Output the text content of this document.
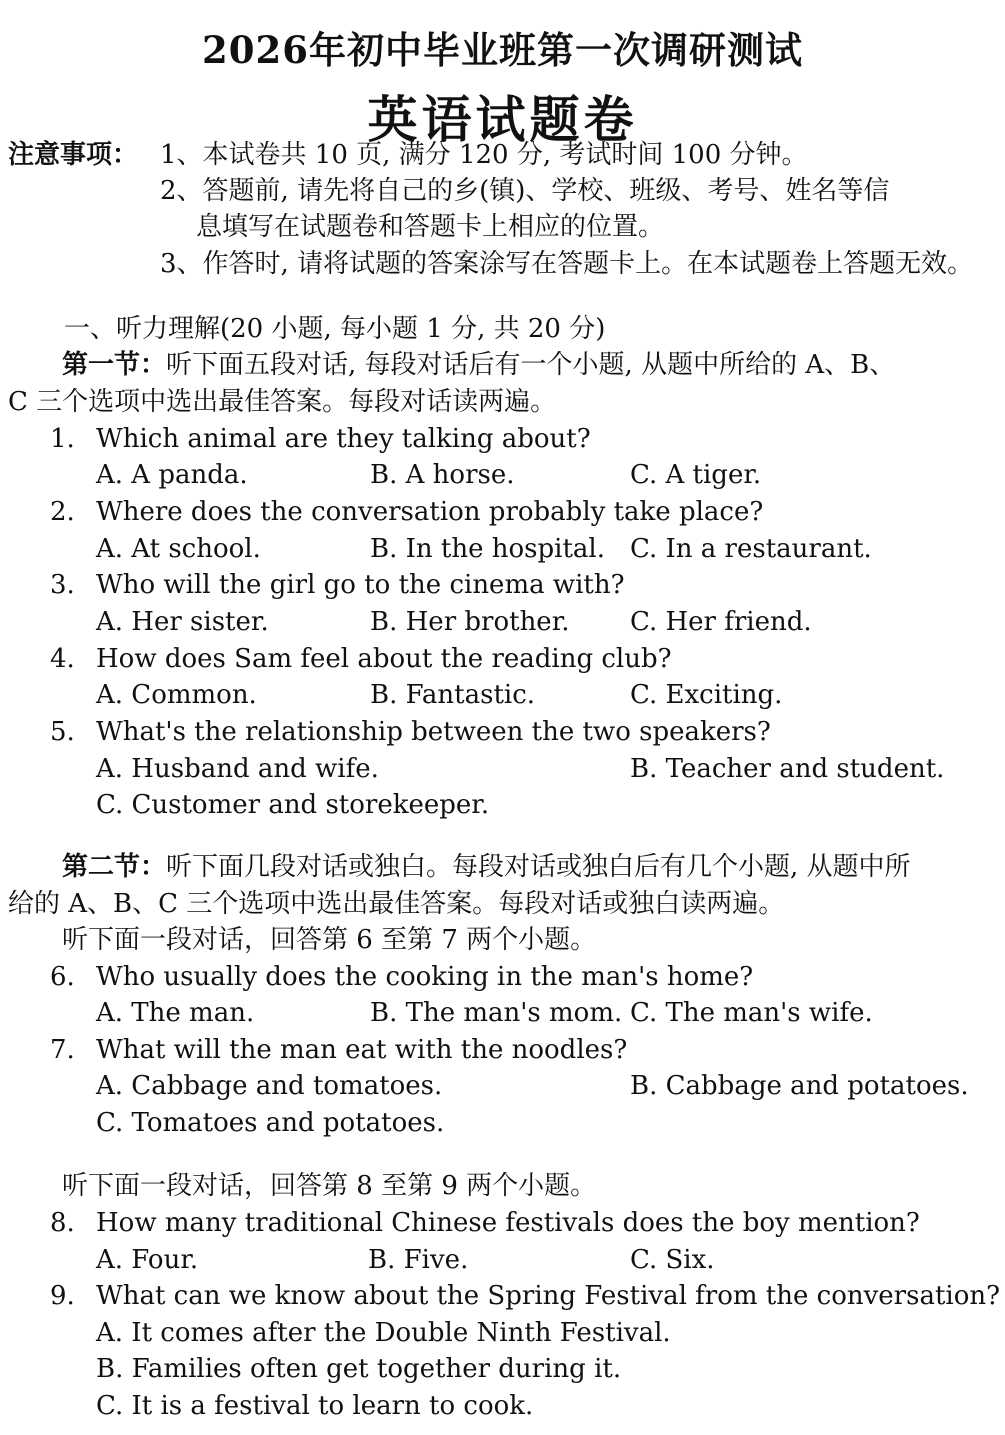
2026年初中毕业班第一次调研测试
英语试题卷
注意事项： 1、本试卷共 10 页, 满分 120 分, 考试时间 100 分钟。
2、答题前, 请先将自己的乡(镇)、学校、班级、考号、姓名等信
息填写在试题卷和答题卡上相应的位置。
3、作答时, 请将试题的答案涂写在答题卡上。在本试题卷上答题无效。
一、听力理解(20 小题, 每小题 1 分, 共 20 分)
第一节：听下面五段对话, 每段对话后有一个小题, 从题中所给的 A、B、
C 三个选项中选出最佳答案。每段对话读两遍。
1. Which animal are they talking about?
A. A panda.	B. A horse.	C. A tiger.
2. Where does the conversation probably take place?
A. At school.	B. In the hospital. C. In a restaurant.
3. Who will the girl go to the cinema with?
A. Her sister.	B. Her brother. C. Her friend.
4. How does Sam feel about the reading club?
A. Common.	B. Fantastic.	C. Exciting.
5. What's the relationship between the two speakers?
A. Husband and wife.	B. Teacher and student.
C. Customer and storekeeper.
第二节：听下面几段对话或独白。每段对话或独白后有几个小题, 从题中所
给的 A、B、C 三个选项中选出最佳答案。每段对话或独白读两遍。
听下面一段对话，回答第 6 至第 7 两个小题。
6. Who usually does the cooking in the man's home?
A. The man.	B. The man's mom. C. The man's wife.
7. What will the man eat with the noodles?
A. Cabbage and tomatoes.	B. Cabbage and potatoes.
C. Tomatoes and potatoes.
听下面一段对话，回答第 8 至第 9 两个小题。
8. How many traditional Chinese festivals does the boy mention?
A. Four.	B. Five.	C. Six.
9. What can we know about the Spring Festival from the conversation?
A. It comes after the Double Ninth Festival.
B. Families often get together during it.
C. It is a festival to learn to cook.
